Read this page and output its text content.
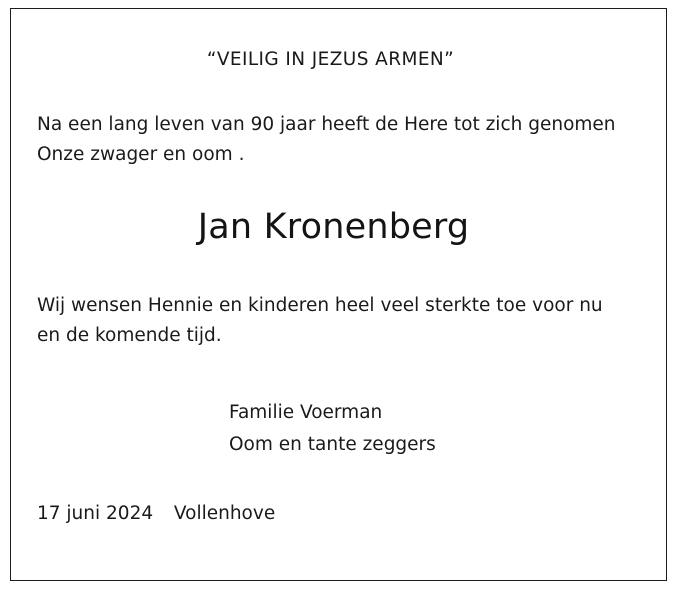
“VEILIG IN JEZUS ARMEN”
Na een lang leven van 90 jaar heeft de Here tot zich genomen
Onze zwager en oom .
Jan Kronenberg
Wij wensen Hennie en kinderen heel veel sterkte toe voor nu
en de komende tijd.
Familie Voerman
Oom en tante zeggers
17 juni 2024 Vollenhove
